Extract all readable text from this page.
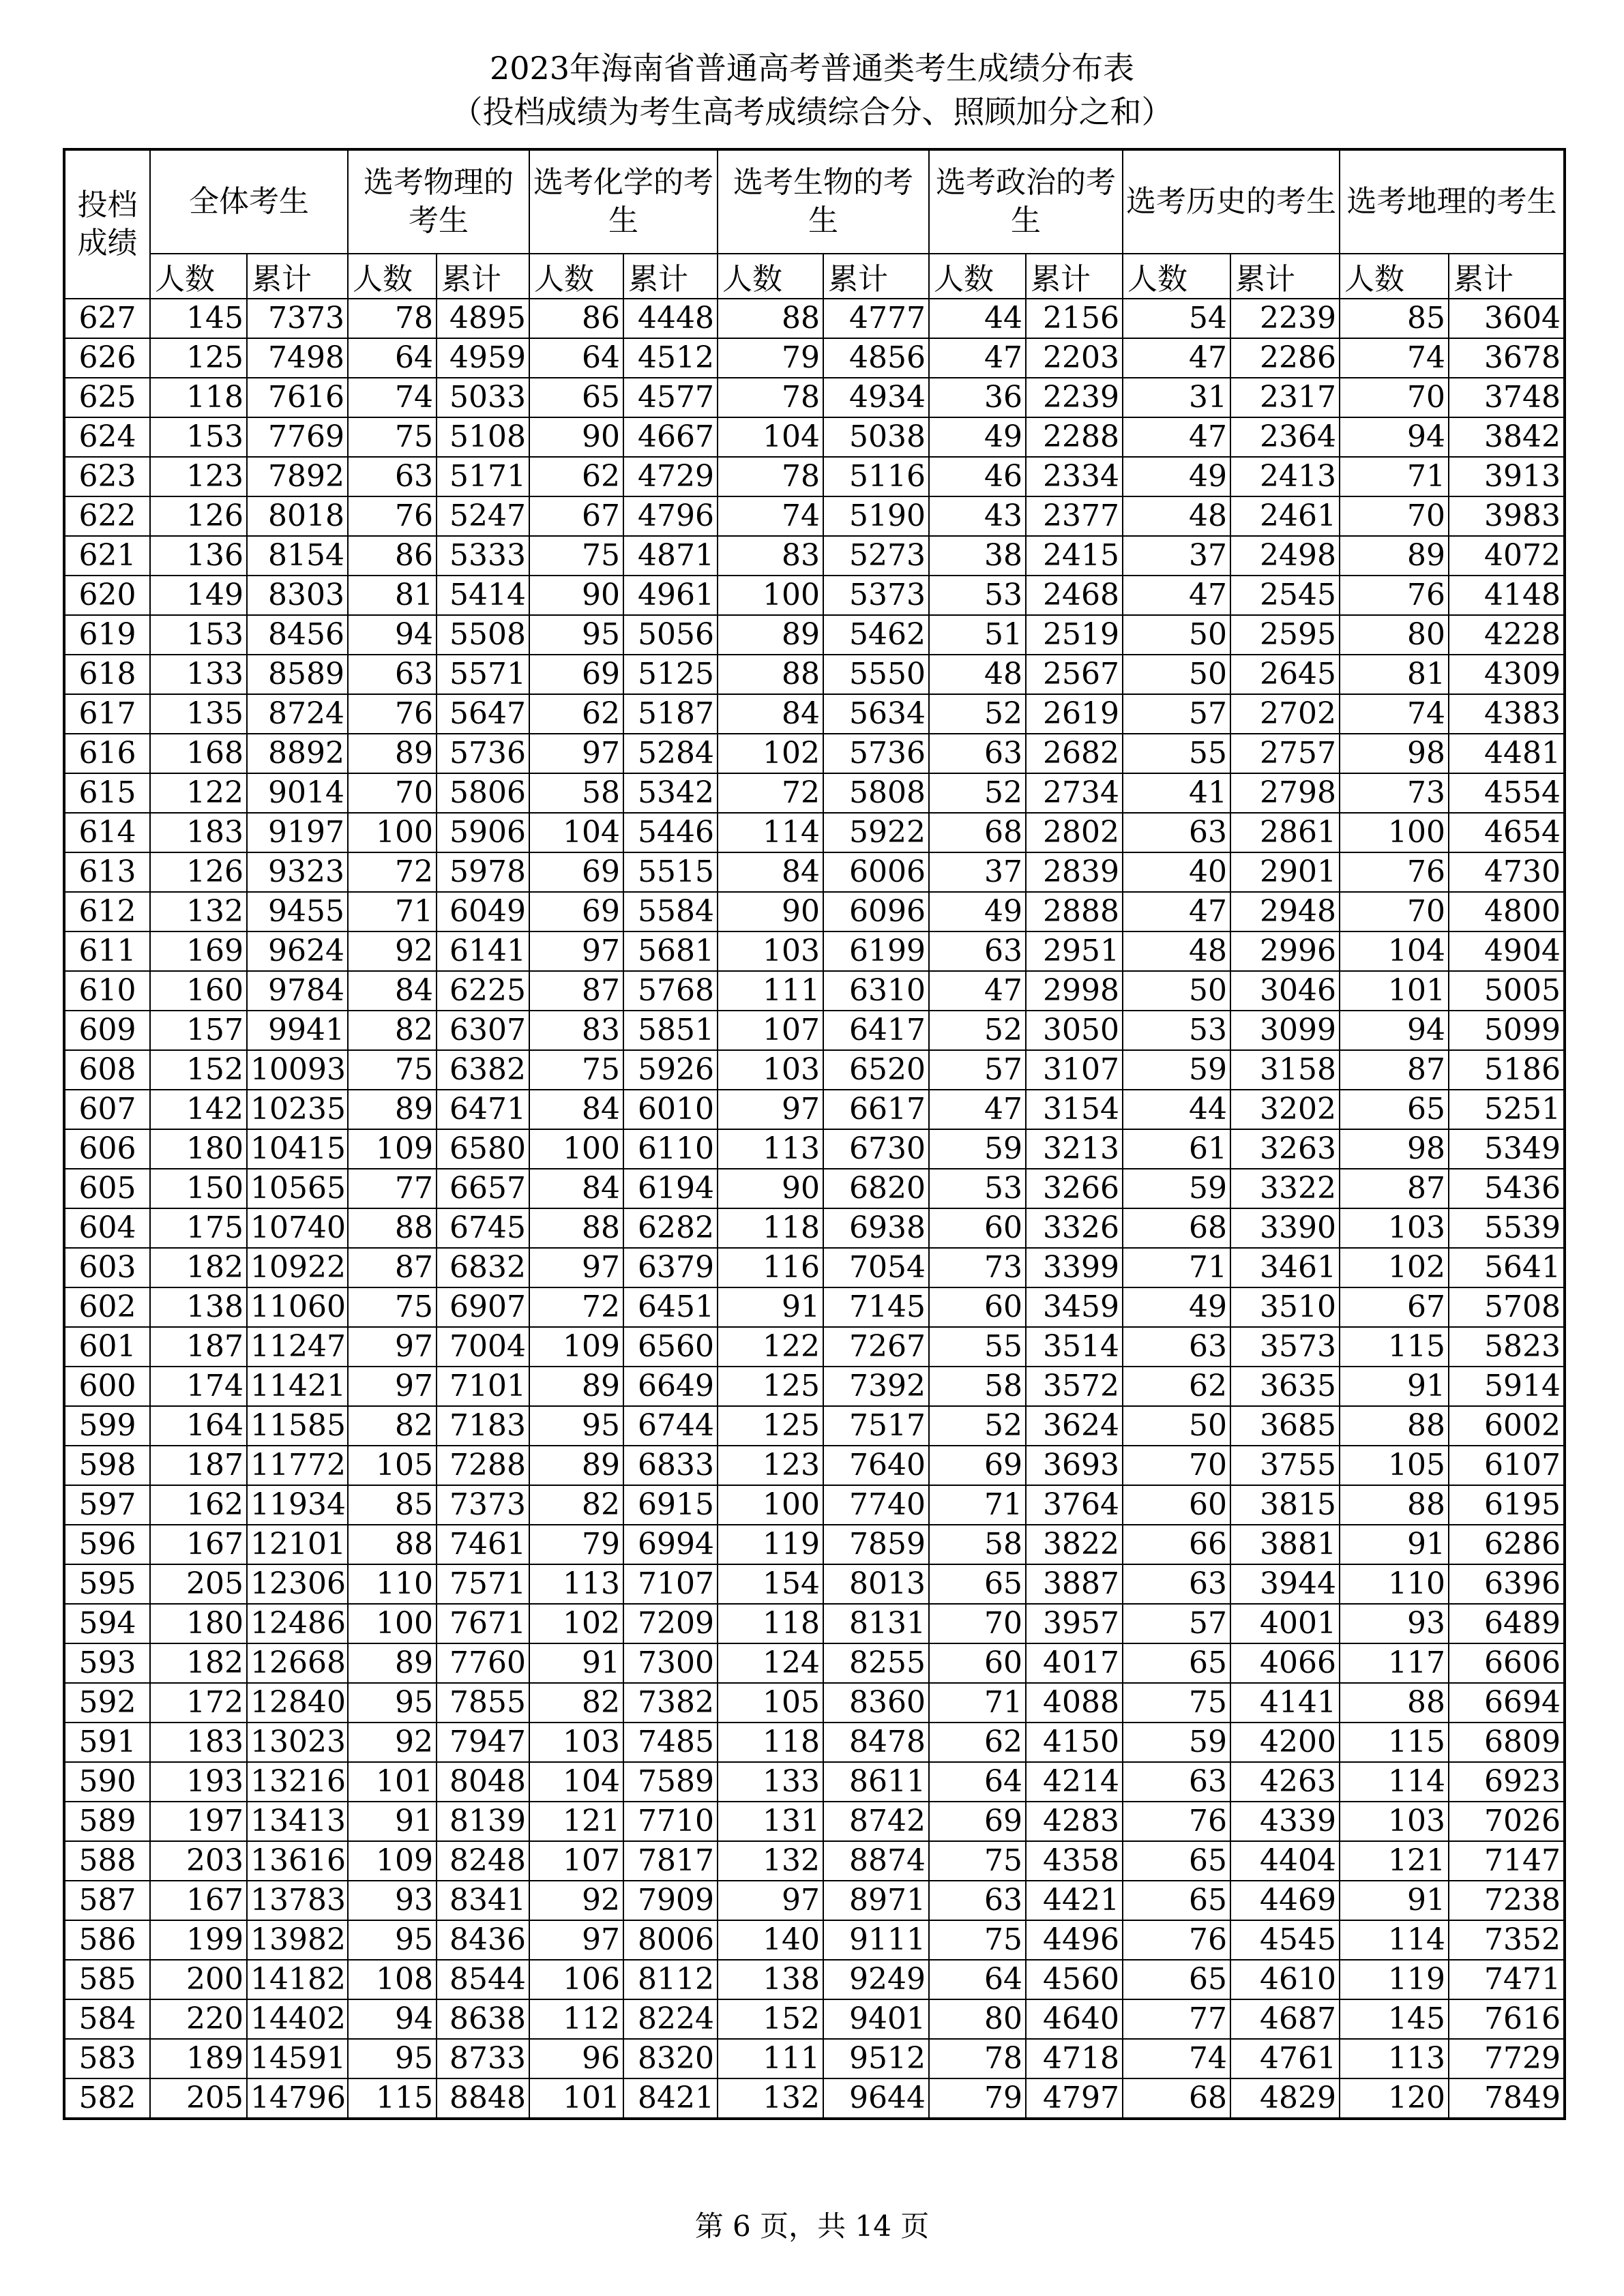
2023年海南省普通高考普通类考生成绩分布表
（投档成绩为考生高考成绩综合分、照顾加分之和）
投档成绩	全体考生		选考物理的考生		选考化学的考生		选考生物的考生		选考政治的考生		选考历史的考生		选考地理的考生	
	人数	累计	人数	累计	人数	累计	人数	累计	人数	累计	人数	累计	人数	累计
627	145	7373	78	4895	86	4448	88	4777	44	2156	54	2239	85	3604
626	125	7498	64	4959	64	4512	79	4856	47	2203	47	2286	74	3678
625	118	7616	74	5033	65	4577	78	4934	36	2239	31	2317	70	3748
624	153	7769	75	5108	90	4667	104	5038	49	2288	47	2364	94	3842
623	123	7892	63	5171	62	4729	78	5116	46	2334	49	2413	71	3913
622	126	8018	76	5247	67	4796	74	5190	43	2377	48	2461	70	3983
621	136	8154	86	5333	75	4871	83	5273	38	2415	37	2498	89	4072
620	149	8303	81	5414	90	4961	100	5373	53	2468	47	2545	76	4148
619	153	8456	94	5508	95	5056	89	5462	51	2519	50	2595	80	4228
618	133	8589	63	5571	69	5125	88	5550	48	2567	50	2645	81	4309
617	135	8724	76	5647	62	5187	84	5634	52	2619	57	2702	74	4383
616	168	8892	89	5736	97	5284	102	5736	63	2682	55	2757	98	4481
615	122	9014	70	5806	58	5342	72	5808	52	2734	41	2798	73	4554
614	183	9197	100	5906	104	5446	114	5922	68	2802	63	2861	100	4654
613	126	9323	72	5978	69	5515	84	6006	37	2839	40	2901	76	4730
612	132	9455	71	6049	69	5584	90	6096	49	2888	47	2948	70	4800
611	169	9624	92	6141	97	5681	103	6199	63	2951	48	2996	104	4904
610	160	9784	84	6225	87	5768	111	6310	47	2998	50	3046	101	5005
609	157	9941	82	6307	83	5851	107	6417	52	3050	53	3099	94	5099
608	152	10093	75	6382	75	5926	103	6520	57	3107	59	3158	87	5186
607	142	10235	89	6471	84	6010	97	6617	47	3154	44	3202	65	5251
606	180	10415	109	6580	100	6110	113	6730	59	3213	61	3263	98	5349
605	150	10565	77	6657	84	6194	90	6820	53	3266	59	3322	87	5436
604	175	10740	88	6745	88	6282	118	6938	60	3326	68	3390	103	5539
603	182	10922	87	6832	97	6379	116	7054	73	3399	71	3461	102	5641
602	138	11060	75	6907	72	6451	91	7145	60	3459	49	3510	67	5708
601	187	11247	97	7004	109	6560	122	7267	55	3514	63	3573	115	5823
600	174	11421	97	7101	89	6649	125	7392	58	3572	62	3635	91	5914
599	164	11585	82	7183	95	6744	125	7517	52	3624	50	3685	88	6002
598	187	11772	105	7288	89	6833	123	7640	69	3693	70	3755	105	6107
597	162	11934	85	7373	82	6915	100	7740	71	3764	60	3815	88	6195
596	167	12101	88	7461	79	6994	119	7859	58	3822	66	3881	91	6286
595	205	12306	110	7571	113	7107	154	8013	65	3887	63	3944	110	6396
594	180	12486	100	7671	102	7209	118	8131	70	3957	57	4001	93	6489
593	182	12668	89	7760	91	7300	124	8255	60	4017	65	4066	117	6606
592	172	12840	95	7855	82	7382	105	8360	71	4088	75	4141	88	6694
591	183	13023	92	7947	103	7485	118	8478	62	4150	59	4200	115	6809
590	193	13216	101	8048	104	7589	133	8611	64	4214	63	4263	114	6923
589	197	13413	91	8139	121	7710	131	8742	69	4283	76	4339	103	7026
588	203	13616	109	8248	107	7817	132	8874	75	4358	65	4404	121	7147
587	167	13783	93	8341	92	7909	97	8971	63	4421	65	4469	91	7238
586	199	13982	95	8436	97	8006	140	9111	75	4496	76	4545	114	7352
585	200	14182	108	8544	106	8112	138	9249	64	4560	65	4610	119	7471
584	220	14402	94	8638	112	8224	152	9401	80	4640	77	4687	145	7616
583	189	14591	95	8733	96	8320	111	9512	78	4718	74	4761	113	7729
582	205	14796	115	8848	101	8421	132	9644	79	4797	68	4829	120	7849
第 6 页，共 14 页
